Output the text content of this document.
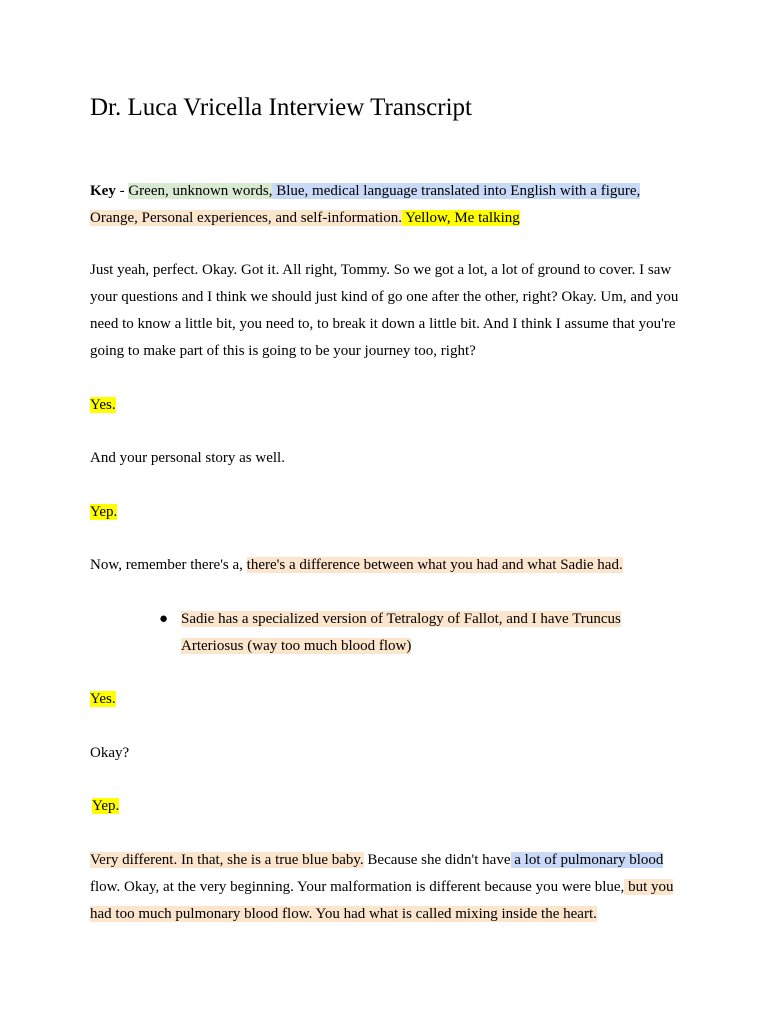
Dr. Luca Vricella Interview Transcript

Key - Green, unknown words, Blue, medical language translated into English with a figure, Orange, Personal experiences, and self-information. Yellow, Me talking

Just yeah, perfect. Okay. Got it. All right, Tommy. So we got a lot, a lot of ground to cover. I saw your questions and I think we should just kind of go one after the other, right? Okay. Um, and you need to know a little bit, you need to, to break it down a little bit. And I think I assume that you're going to make part of this is going to be your journey too, right?

Yes.

And your personal story as well.

Yep.

Now, remember there's a, there's a difference between what you had and what Sadie had.

● Sadie has a specialized version of Tetralogy of Fallot, and I have Truncus Arteriosus (way too much blood flow)

Yes.

Okay?

Yep.

Very different. In that, she is a true blue baby. Because she didn't have a lot of pulmonary blood flow. Okay, at the very beginning. Your malformation is different because you were blue, but you had too much pulmonary blood flow. You had what is called mixing inside the heart.
